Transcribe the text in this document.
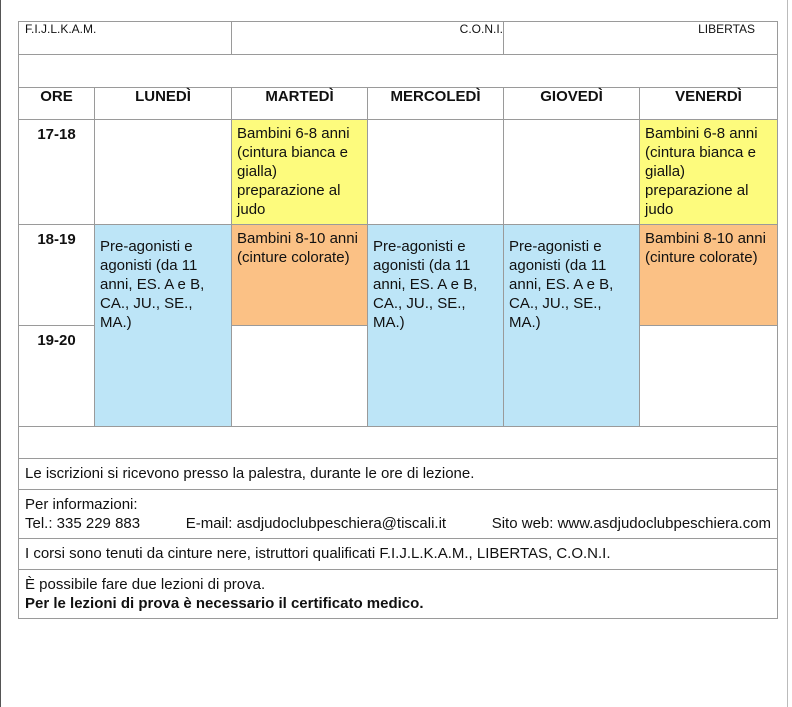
F.I.J.L.K.A.M.		C.O.N.I.		LIBERTAS	

ORE	LUNEDÌ	MARTEDÌ	MERCOLEDÌ	GIOVEDÌ	VENERDÌ
17-18		Bambini 6-8 anni (cintura bianca e gialla) preparazione al judo			Bambini 6-8 anni (cintura bianca e gialla) preparazione al judo
18-19	Pre-agonisti e agonisti (da 11 anni, ES. A e B, CA., JU., SE., MA.)	Bambini 8-10 anni (cinture colorate)	Pre-agonisti e agonisti (da 11 anni, ES. A e B, CA., JU., SE., MA.)	Pre-agonisti e agonisti (da 11 anni, ES. A e B, CA., JU., SE., MA.)	Bambini 8-10 anni (cinture colorate)
19-20					

Le iscrizioni si ricevono presso la palestra, durante le ore di lezione.					

Per informazioni:
Tel.: 335 229 883 E-mail: asdjudoclubpeschiera@tiscali.it Sito web: www.asdjudoclubpeschiera.com					

I corsi sono tenuti da cinture nere, istruttori qualificati F.I.J.L.K.A.M., LIBERTAS, C.O.N.I.					

È possibile fare due lezioni di prova.
Per le lezioni di prova è necessario il certificato medico.					
